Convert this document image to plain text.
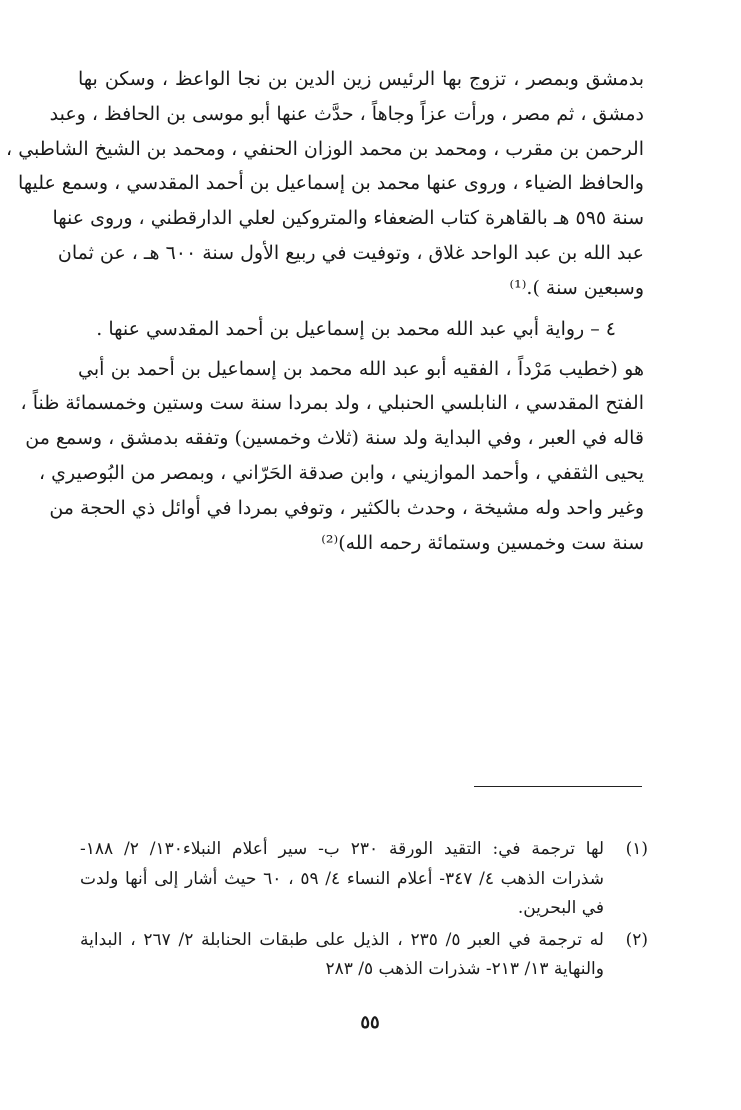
بدمشق وبمصر ، تزوج بها الرئيس زين الدين بن نجا الواعظ ، وسكن بها
دمشق ، ثم مصر ، ورأت عزاً وجاهاً ، حدَّث عنها أبو موسى بن الحافظ ، وعبد
الرحمن بن مقرب ، ومحمد بن محمد الوزان الحنفي ، ومحمد بن الشيخ الشاطبي ،
والحافظ الضياء ، وروى عنها محمد بن إسماعيل بن أحمد المقدسي ، وسمع عليها
سنة ٥٩٥ هـ بالقاهرة كتاب الضعفاء والمتروكين لعلي الدارقطني ، وروى عنها
عبد الله بن عبد الواحد غلاق ، وتوفيت في ربيع الأول سنة ٦٠٠ هـ ، عن ثمان
وسبعين سنة ).⁽¹⁾
٤ – رواية أبي عبد الله محمد بن إسماعيل بن أحمد المقدسي عنها .
هو (خطيب مَرْداً ، الفقيه أبو عبد الله محمد بن إسماعيل بن أحمد بن أبي
الفتح المقدسي ، النابلسي الحنبلي ، ولد بمردا سنة ست وستين وخمسمائة ظناً ،
قاله في العبر ، وفي البداية ولد سنة (ثلاث وخمسين) وتفقه بدمشق ، وسمع من
يحيى الثقفي ، وأحمد الموازيني ، وابن صدقة الحَرّاني ، وبمصر من البُوصيري ،
وغير واحد وله مشيخة ، وحدث بالكثير ، وتوفي بمردا في أوائل ذي الحجة من
سنة ست وخمسين وستمائة رحمه الله)⁽²⁾
(١)
لها ترجمة في: التقيد الورقة ٢٣٠ ب- سير أعلام النبلاء١٣٠/ ٢/ ١٨٨-
شذرات الذهب ٤/ ٣٤٧- أعلام النساء ٤/ ٥٩ ، ٦٠ حيث أشار إلى أنها ولدت
في البحرين.
(٢)
له ترجمة في العبر ٥/ ٢٣٥ ، الذيل على طبقات الحنابلة ٢/ ٢٦٧ ، البداية
والنهاية ١٣/ ٢١٣- شذرات الذهب ٥/ ٢٨٣
٥٥
